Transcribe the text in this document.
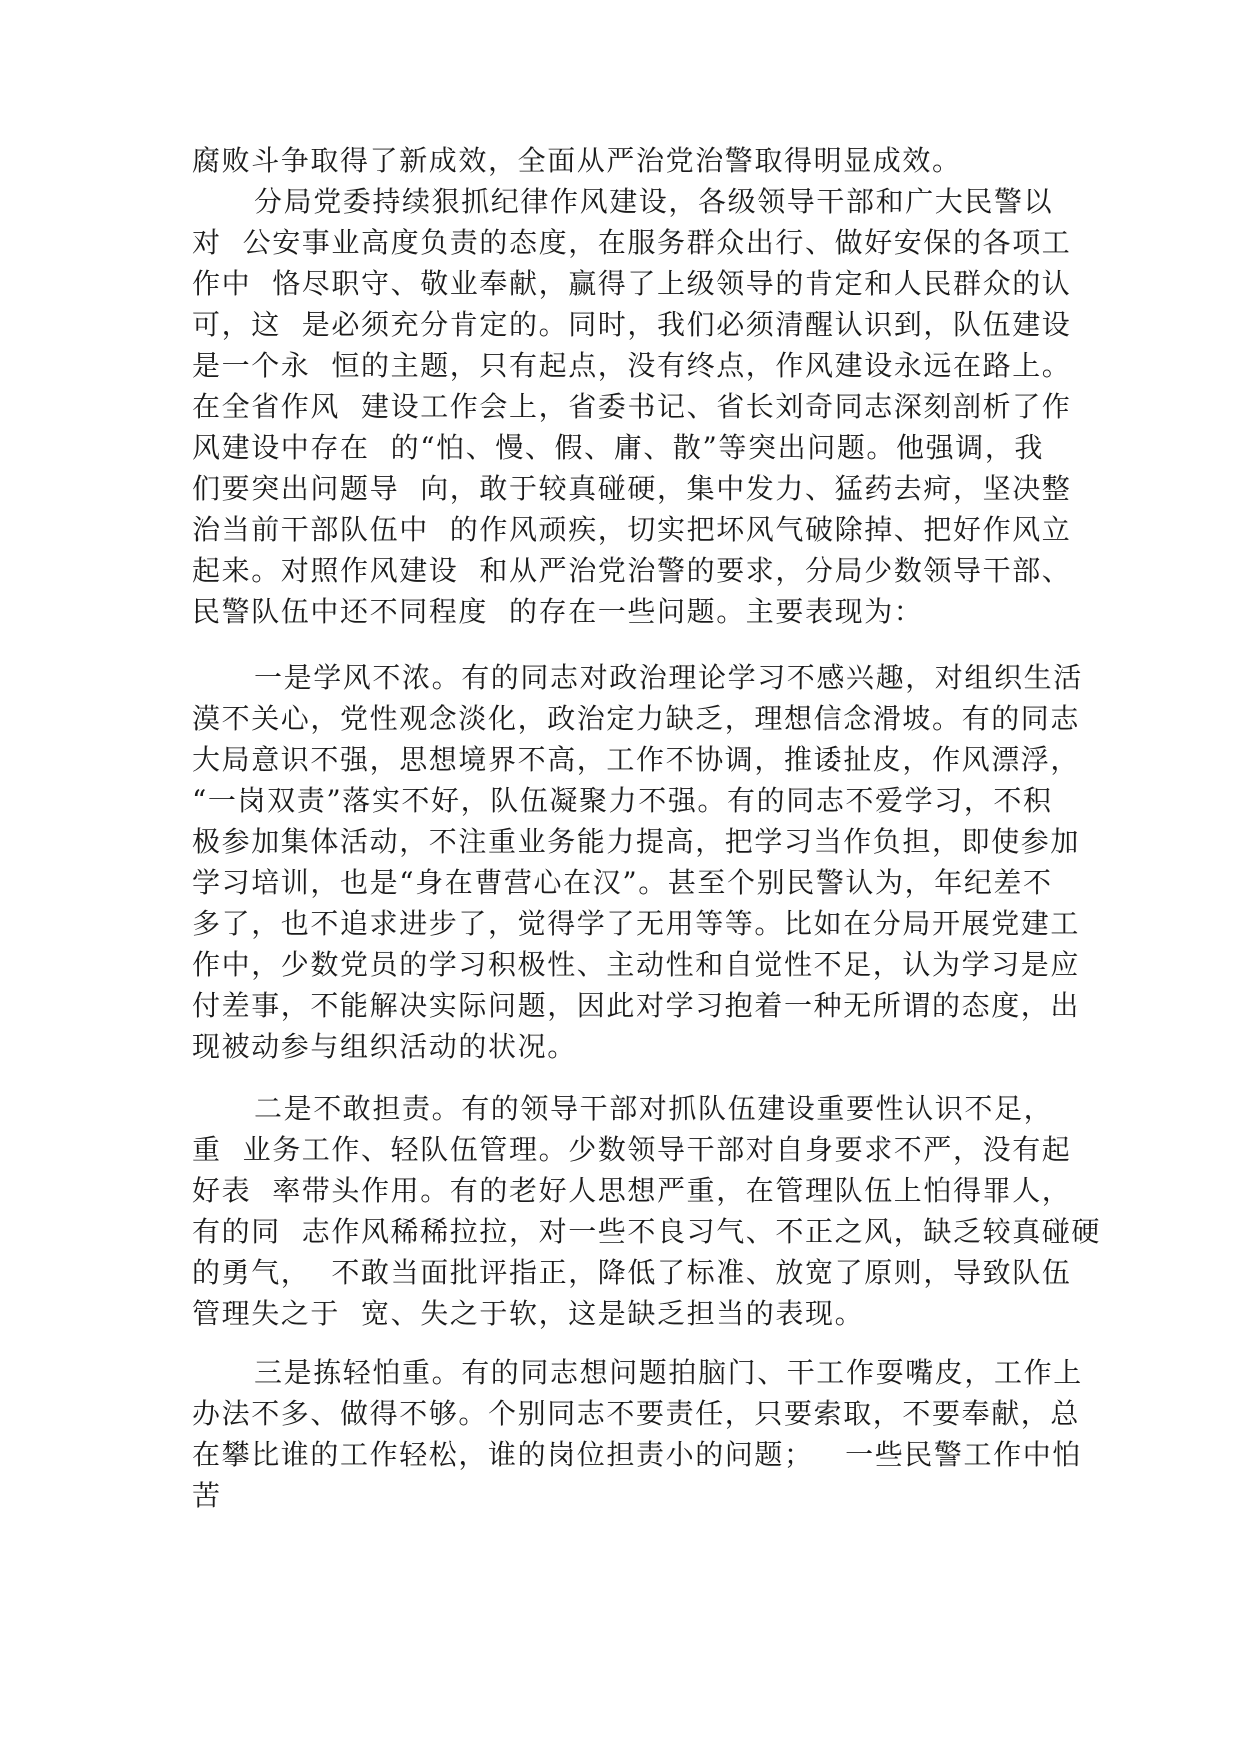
腐败斗争取得了新成效，全面从严治党治警取得明显成效。
分局党委持续狠抓纪律作风建设，各级领导干部和广大民警以
对  公安事业高度负责的态度，在服务群众出行、做好安保的各项工
作中  恪尽职守、敬业奉献，赢得了上级领导的肯定和人民群众的认
可，这  是必须充分肯定的。同时，我们必须清醒认识到，队伍建设
是一个永  恒的主题，只有起点，没有终点，作风建设永远在路上。
在全省作风  建设工作会上，省委书记、省长刘奇同志深刻剖析了作
风建设中存在  的“怕、慢、假、庸、散”等突出问题。他强调，我
们要突出问题导  向，敢于较真碰硬，集中发力、猛药去疴，坚决整
治当前干部队伍中  的作风顽疾，切实把坏风气破除掉、把好作风立
起来。对照作风建设  和从严治党治警的要求，分局少数领导干部、
民警队伍中还不同程度  的存在一些问题。主要表现为：
一是学风不浓。有的同志对政治理论学习不感兴趣，对组织生活
漠不关心，党性观念淡化，政治定力缺乏，理想信念滑坡。有的同志
大局意识不强，思想境界不高，工作不协调，推诿扯皮，作风漂浮，
“一岗双责”落实不好，队伍凝聚力不强。有的同志不爱学习，不积
极参加集体活动，不注重业务能力提高，把学习当作负担，即使参加
学习培训，也是“身在曹营心在汉”。甚至个别民警认为，年纪差不
多了，也不追求进步了，觉得学了无用等等。比如在分局开展党建工
作中，少数党员的学习积极性、主动性和自觉性不足，认为学习是应
付差事，不能解决实际问题，因此对学习抱着一种无所谓的态度，出
现被动参与组织活动的状况。
二是不敢担责。有的领导干部对抓队伍建设重要性认识不足，
重  业务工作、轻队伍管理。少数领导干部对自身要求不严，没有起
好表  率带头作用。有的老好人思想严重，在管理队伍上怕得罪人，
有的同  志作风稀稀拉拉，对一些不良习气、不正之风，缺乏较真碰硬
的勇气，  不敢当面批评指正，降低了标准、放宽了原则，导致队伍
管理失之于  宽、失之于软，这是缺乏担当的表现。
三是拣轻怕重。有的同志想问题拍脑门、干工作耍嘴皮，工作上
办法不多、做得不够。个别同志不要责任，只要索取，不要奉献，总
在攀比谁的工作轻松，谁的岗位担责小的问题；   一些民警工作中怕
苦
